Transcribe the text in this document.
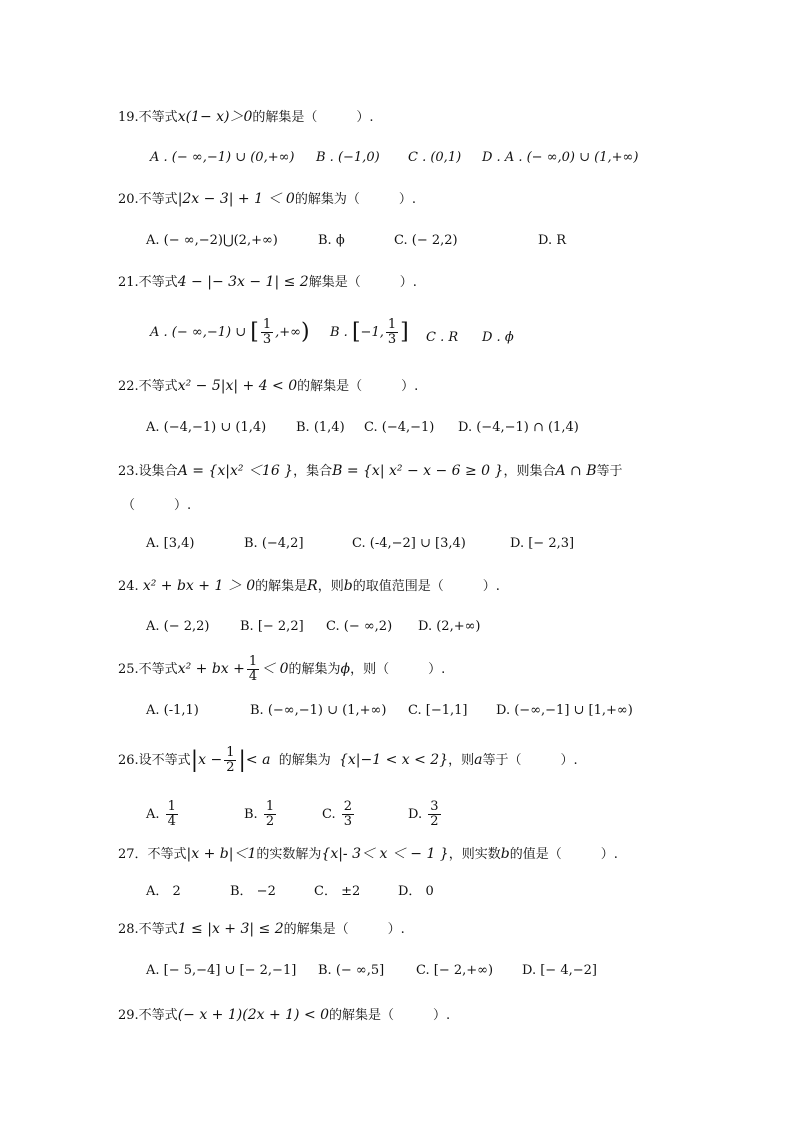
19.不等式x(1− x)＞0的解集是（　　　）.
A . (− ∞,−1) ∪ (0,+∞) B . (−1,0) C . (0,1) D . A . (− ∞,0) ∪ (1,+∞)
20.不等式|2x − 3| + 1 ＜ 0的解集为（　　　）.
A. (− ∞,−2)⋃(2,+∞)	B. ϕ	C. (− 2,2)	D. R
21.不等式4 − |− 3x − 1| ≤ 2解集是（　　　）.
A . (− ∞,−1) ∪ [ $\frac{1}{3}$ ,+∞) B . [−1, $\frac{1}{3}$ ] C . R D . ϕ
22.不等式x² − 5|x| + 4 < 0的解集是（　　　）.
A. (−4,−1) ∪ (1,4) B. (1,4) C. (−4,−1) D. (−4,−1) ∩ (1,4)
23.设集合A = {x|x² ＜16 }，集合B = {x| x² − x − 6 ≥ 0 }，则集合A ∩ B等于
（　　　）.
A. [3,4)	B. (−4,2]	C. (-4,−2] ∪ [3,4)	D. [− 2,3]
24. x² + bx + 1 ＞ 0的解集是R，则b的取值范围是（　　　）.
A. (− 2,2) B. [− 2,2] C. (− ∞,2) D. (2,+∞)
25.不等式x² + bx + $\frac{1}{4} < 0$的解集为ϕ，则（　　　）.
A. (-1,1)	B. (−∞,−1) ∪ (1,+∞) C. [−1,1] D. (−∞,−1] ∪ [1,+∞)
26.设不等式$|x - \frac{1}{2}$ |< a 的解集为 {x|−1 < x < 2}，则a等于（　　　）.
A. $\frac{1}{4}$	B. $\frac{1}{2}$	C. $\frac{2}{3}$	D. $\frac{3}{2}$
27．不等式|x + b|＜1的实数解为{x|- 3＜ x ＜ − 1 }，则实数b的值是（　　　）.
A． 2	B． −2	C． ±2	D． 0
28.不等式1 ≤ |x + 3| ≤ 2的解集是（　　　）.
A. [− 5,−4] ∪ [− 2,−1] B. (− ∞,5] C. [− 2,+∞) D. [− 4,−2]
29.不等式(− x + 1)(2x + 1) < 0的解集是（　　　）.
